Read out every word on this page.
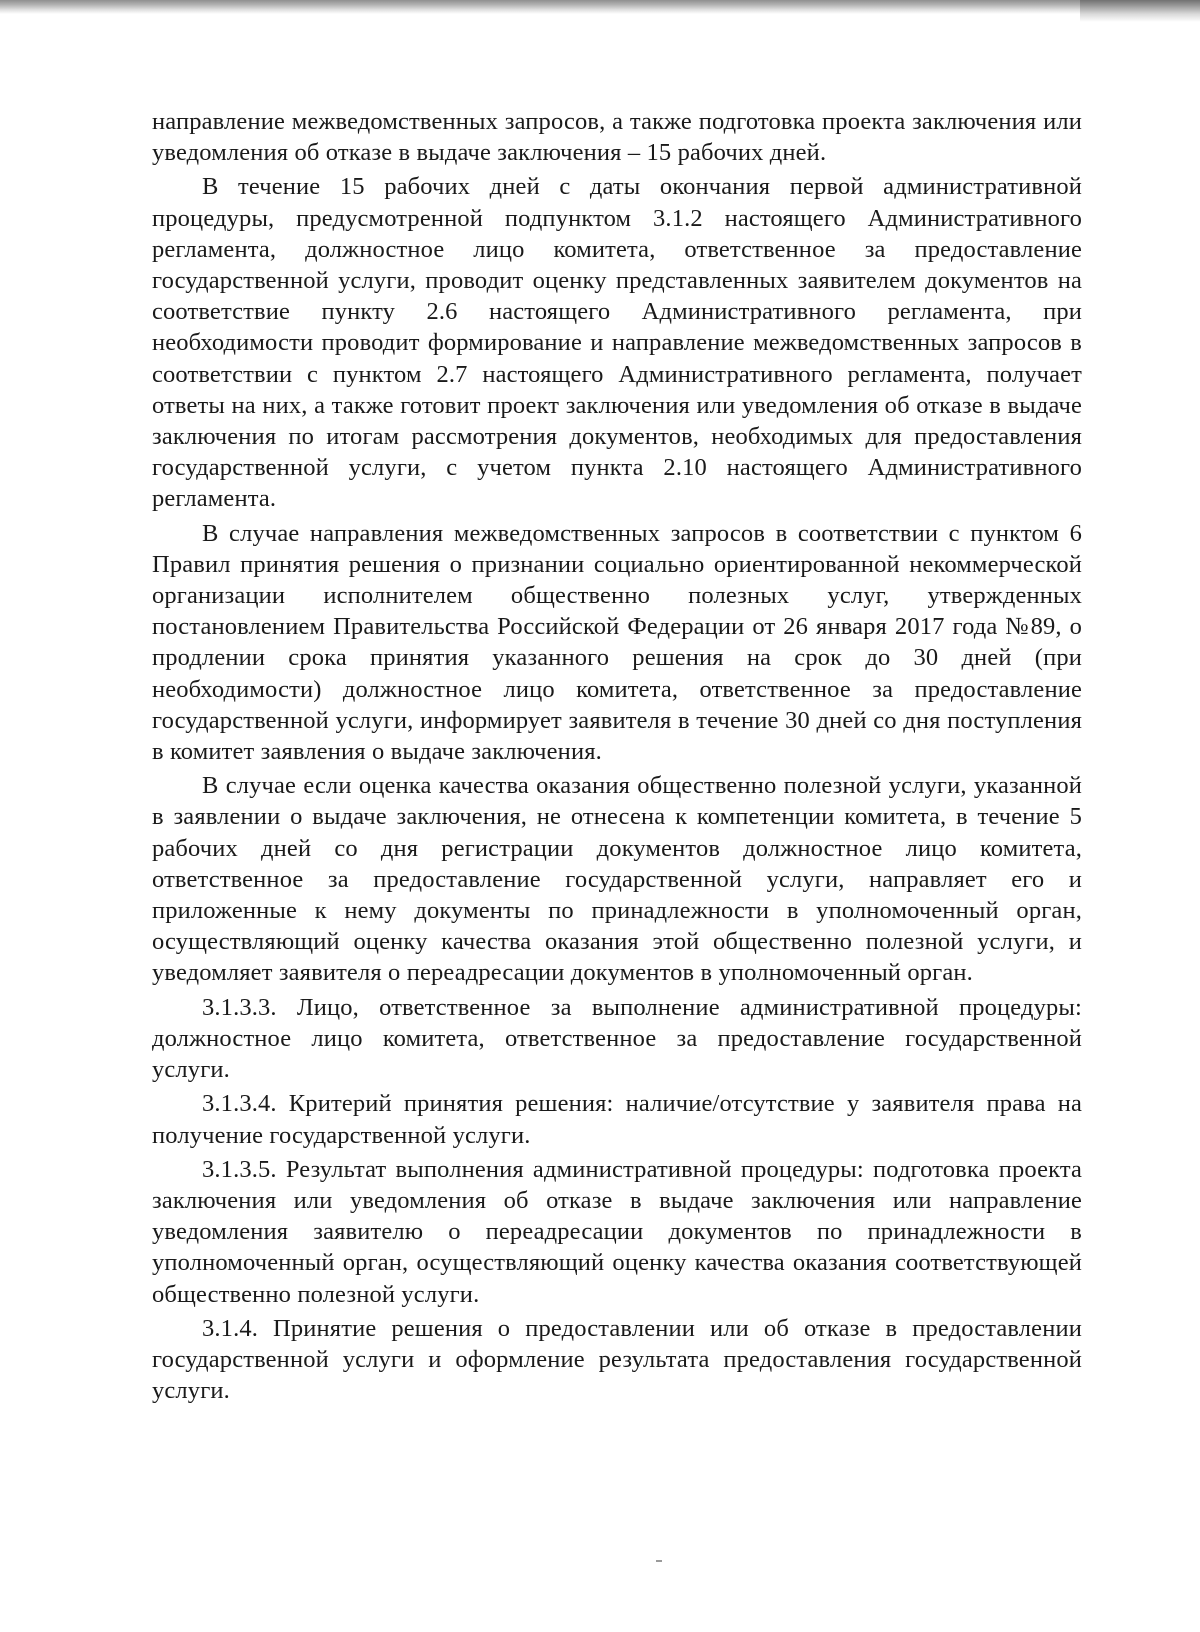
направление межведомственных запросов, а также подготовка проекта заключения или уведомления об отказе в выдаче заключения – 15 рабочих дней.

В течение 15 рабочих дней с даты окончания первой административной процедуры, предусмотренной подпунктом 3.1.2 настоящего Административного регламента, должностное лицо комитета, ответственное за предоставление государственной услуги, проводит оценку представленных заявителем документов на соответствие пункту 2.6 настоящего Административного регламента, при необходимости проводит формирование и направление межведомственных запросов в соответствии с пунктом 2.7 настоящего Административного регламента, получает ответы на них, а также готовит проект заключения или уведомления об отказе в выдаче заключения по итогам рассмотрения документов, необходимых для предоставления государственной услуги, с учетом пункта 2.10 настоящего Административного регламента.

В случае направления межведомственных запросов в соответствии с пунктом 6 Правил принятия решения о признании социально ориентированной некоммерческой организации исполнителем общественно полезных услуг, утвержденных постановлением Правительства Российской Федерации от 26 января 2017 года №89, о продлении срока принятия указанного решения на срок до 30 дней (при необходимости) должностное лицо комитета, ответственное за предоставление государственной услуги, информирует заявителя в течение 30 дней со дня поступления в комитет заявления о выдаче заключения.

В случае если оценка качества оказания общественно полезной услуги, указанной в заявлении о выдаче заключения, не отнесена к компетенции комитета, в течение 5 рабочих дней со дня регистрации документов должностное лицо комитета, ответственное за предоставление государственной услуги, направляет его и приложенные к нему документы по принадлежности в уполномоченный орган, осуществляющий оценку качества оказания этой общественно полезной услуги, и уведомляет заявителя о переадресации документов в уполномоченный орган.

3.1.3.3. Лицо, ответственное за выполнение административной процедуры: должностное лицо комитета, ответственное за предоставление государственной услуги.

3.1.3.4. Критерий принятия решения: наличие/отсутствие у заявителя права на получение государственной услуги.

3.1.3.5. Результат выполнения административной процедуры: подготовка проекта заключения или уведомления об отказе в выдаче заключения или направление уведомления заявителю о переадресации документов по принадлежности в уполномоченный орган, осуществляющий оценку качества оказания соответствующей общественно полезной услуги.

3.1.4. Принятие решения о предоставлении или об отказе в предоставлении государственной услуги и оформление результата предоставления государственной услуги.
